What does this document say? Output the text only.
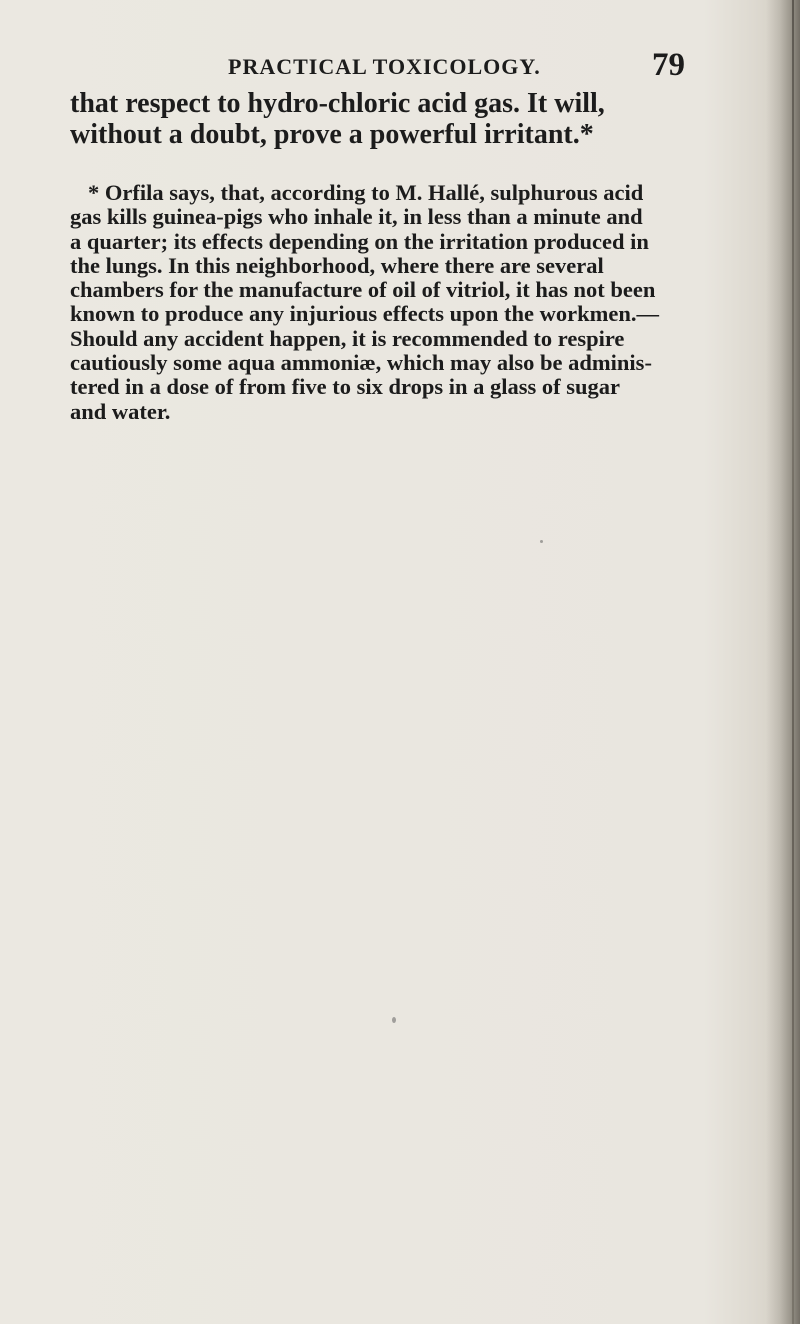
PRACTICAL TOXICOLOGY.	79
that respect to hydro-chloric acid gas. It will,
without a doubt, prove a powerful irritant.*
* Orfila says, that, according to M. Hallé, sulphurous acid
gas kills guinea-pigs who inhale it, in less than a minute and
a quarter; its effects depending on the irritation produced in
the lungs. In this neighborhood, where there are several
chambers for the manufacture of oil of vitriol, it has not been
known to produce any injurious effects upon the workmen.—
Should any accident happen, it is recommended to respire
cautiously some aqua ammoniæ, which may also be adminis-
tered in a dose of from five to six drops in a glass of sugar
and water.
